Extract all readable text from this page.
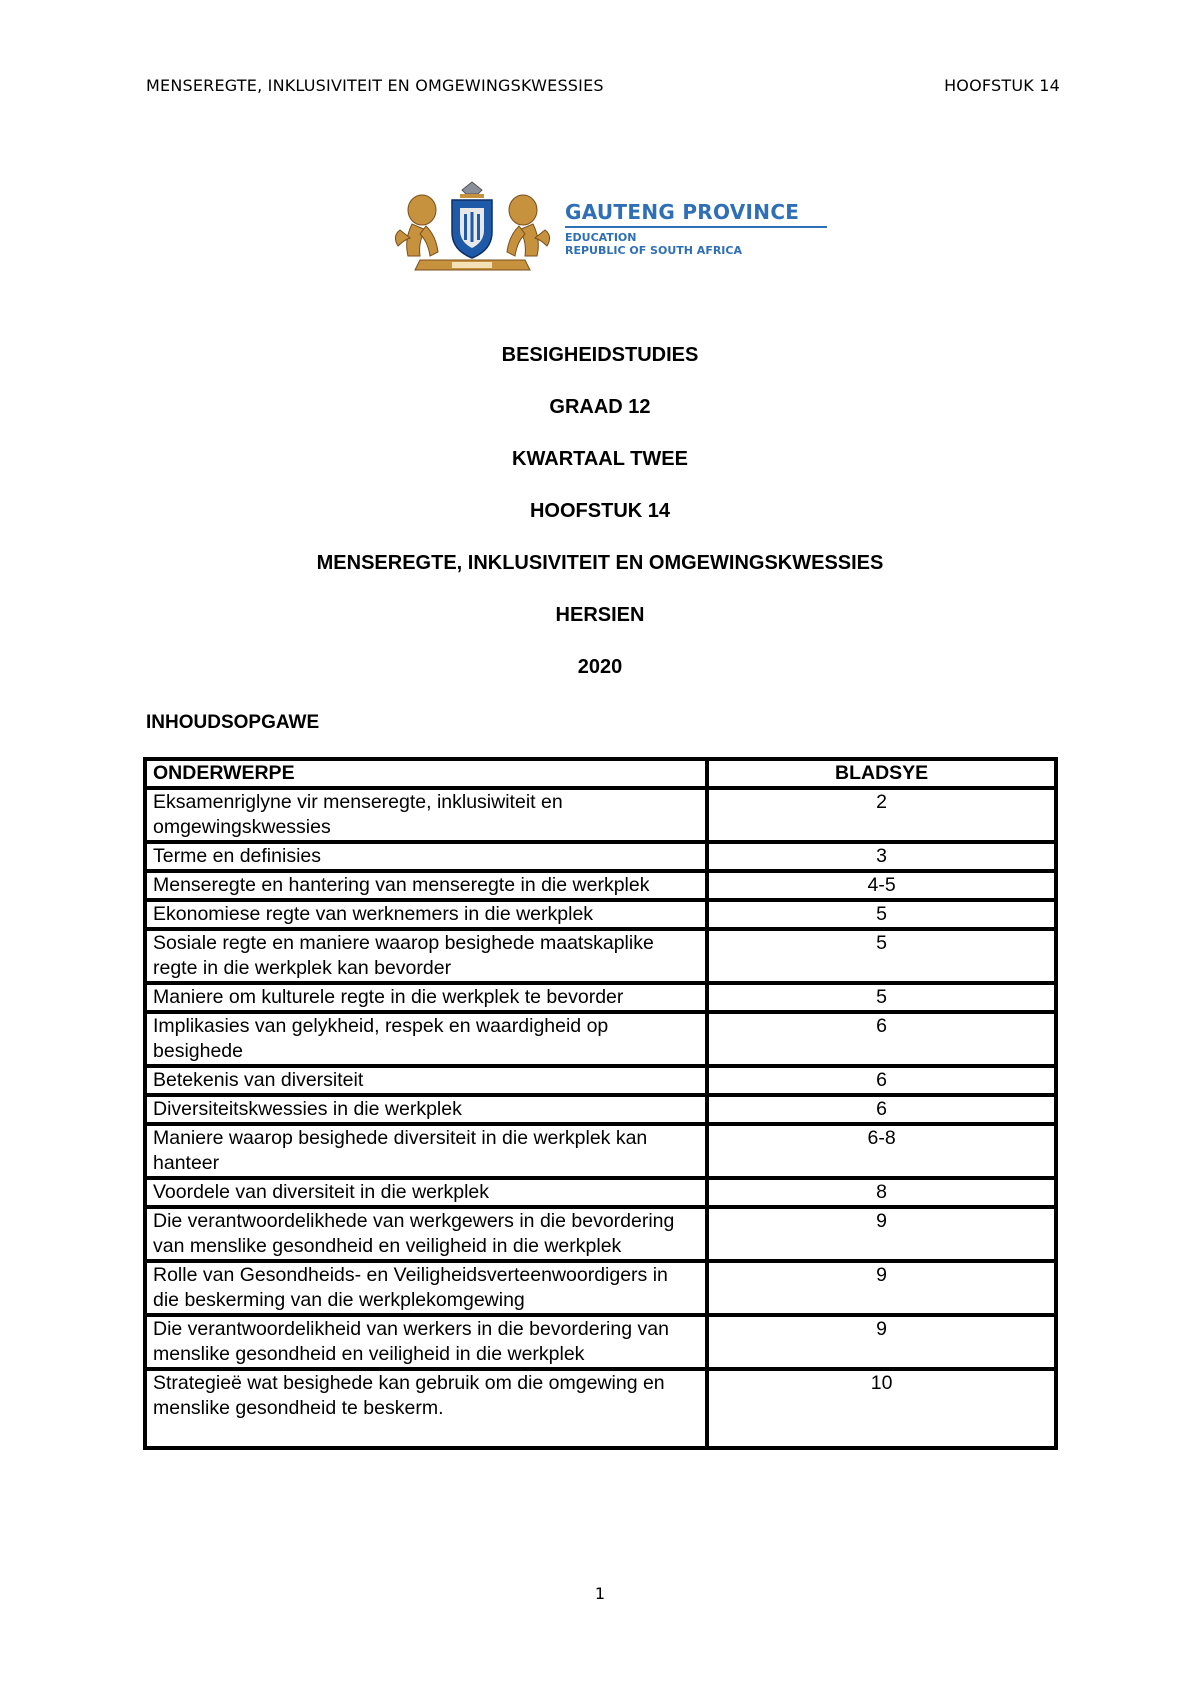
MENSEREGTE, INKLUSIVITEIT EN OMGEWINGSKWESSIES	HOOFSTUK 14
GAUTENG PROVINCE
EDUCATION
REPUBLIC OF SOUTH AFRICA
BESIGHEIDSTUDIES
GRAAD 12
KWARTAAL TWEE
HOOFSTUK 14
MENSEREGTE, INKLUSIVITEIT EN OMGEWINGSKWESSIES
HERSIEN
2020
INHOUDSOPGAWE
ONDERWERPE	BLADSYE
Eksamenriglyne vir menseregte, inklusiwiteit en omgewingskwessies	2
Terme en definisies	3
Menseregte en hantering van menseregte in die werkplek	4-5
Ekonomiese regte van werknemers in die werkplek	5
Sosiale regte en maniere waarop besighede maatskaplike regte in die werkplek kan bevorder	5
Maniere om kulturele regte in die werkplek te bevorder	5
Implikasies van gelykheid, respek en waardigheid op besighede	6
Betekenis van diversiteit	6
Diversiteitskwessies in die werkplek	6
Maniere waarop besighede diversiteit in die werkplek kan hanteer	6-8
Voordele van diversiteit in die werkplek	8
Die verantwoordelikhede van werkgewers in die bevordering van menslike gesondheid en veiligheid in die werkplek	9
Rolle van Gesondheids- en Veiligheidsverteenwoordigers in die beskerming van die werkplekomgewing	9
Die verantwoordelikheid van werkers in die bevordering van menslike gesondheid en veiligheid in die werkplek	9
Strategieë wat besighede kan gebruik om die omgewing en menslike gesondheid te beskerm.	10
1
